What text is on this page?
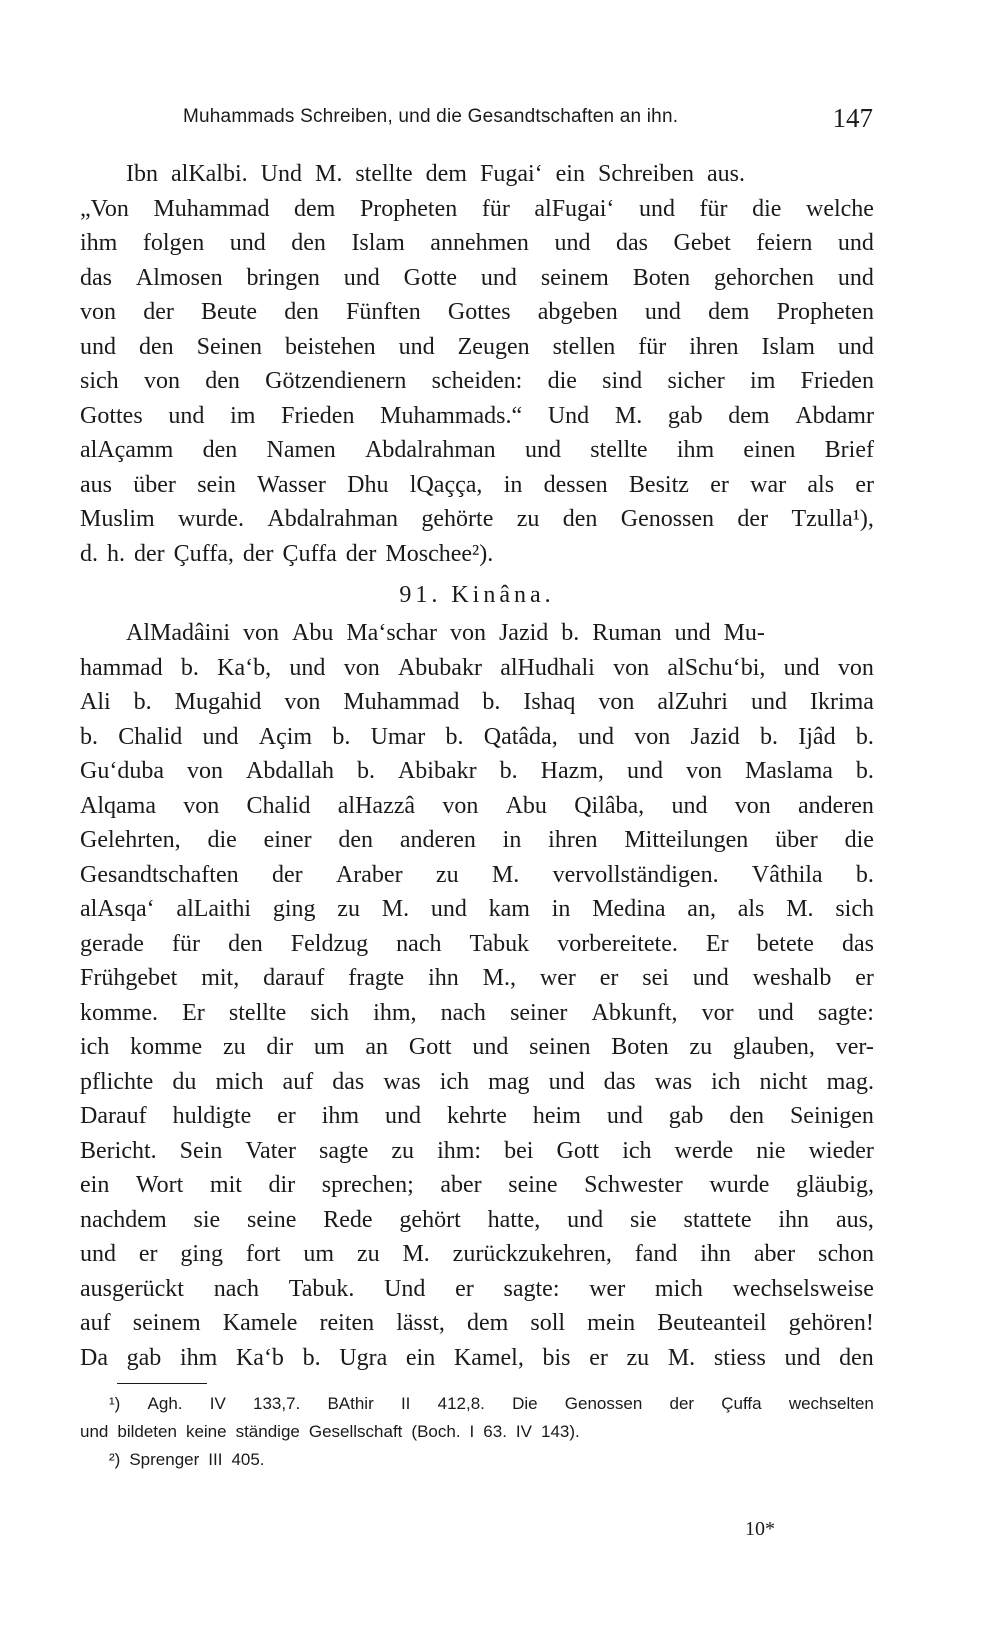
Muhammads Schreiben, und die Gesandtschaften an ihn.	147
Ibn alKalbi. Und M. stellte dem Fugai‘ ein Schreiben aus.
„Von Muhammad dem Propheten für alFugai‘ und für die welche
ihm folgen und den Islam annehmen und das Gebet feiern und
das Almosen bringen und Gotte und seinem Boten gehorchen und
von der Beute den Fünften Gottes abgeben und dem Propheten
und den Seinen beistehen und Zeugen stellen für ihren Islam und
sich von den Götzendienern scheiden: die sind sicher im Frieden
Gottes und im Frieden Muhammads.“ Und M. gab dem Abdamr
alAçamm den Namen Abdalrahman und stellte ihm einen Brief
aus über sein Wasser Dhu lQaçça, in dessen Besitz er war als er
Muslim wurde. Abdalrahman gehörte zu den Genossen der Tzulla¹),
d. h. der Çuffa, der Çuffa der Moschee²).
91. Kinâna.
AlMadâini von Abu Ma‘schar von Jazid b. Ruman und Mu-
hammad b. Ka‘b, und von Abubakr alHudhali von alSchu‘bi, und von
Ali b. Mugahid von Muhammad b. Ishaq von alZuhri und Ikrima
b. Chalid und Açim b. Umar b. Qatâda, und von Jazid b. Ijâd b.
Gu‘duba von Abdallah b. Abibakr b. Hazm, und von Maslama b.
Alqama von Chalid alHazzâ von Abu Qilâba, und von anderen
Gelehrten, die einer den anderen in ihren Mitteilungen über die
Gesandtschaften der Araber zu M. vervollständigen. Vâthila b.
alAsqa‘ alLaithi ging zu M. und kam in Medina an, als M. sich
gerade für den Feldzug nach Tabuk vorbereitete. Er betete das
Frühgebet mit, darauf fragte ihn M., wer er sei und weshalb er
komme. Er stellte sich ihm, nach seiner Abkunft, vor und sagte:
ich komme zu dir um an Gott und seinen Boten zu glauben, ver-
pflichte du mich auf das was ich mag und das was ich nicht mag.
Darauf huldigte er ihm und kehrte heim und gab den Seinigen
Bericht. Sein Vater sagte zu ihm: bei Gott ich werde nie wieder
ein Wort mit dir sprechen; aber seine Schwester wurde gläubig,
nachdem sie seine Rede gehört hatte, und sie stattete ihn aus,
und er ging fort um zu M. zurückzukehren, fand ihn aber schon
ausgerückt nach Tabuk. Und er sagte: wer mich wechselsweise
auf seinem Kamele reiten lässt, dem soll mein Beuteanteil gehören!
Da gab ihm Ka‘b b. Ugra ein Kamel, bis er zu M. stiess und den
¹) Agh. IV 133,7. BAthir II 412,8. Die Genossen der Çuffa wechselten
und bildeten keine ständige Gesellschaft (Boch. I 63. IV 143).
²) Sprenger III 405.
10*
